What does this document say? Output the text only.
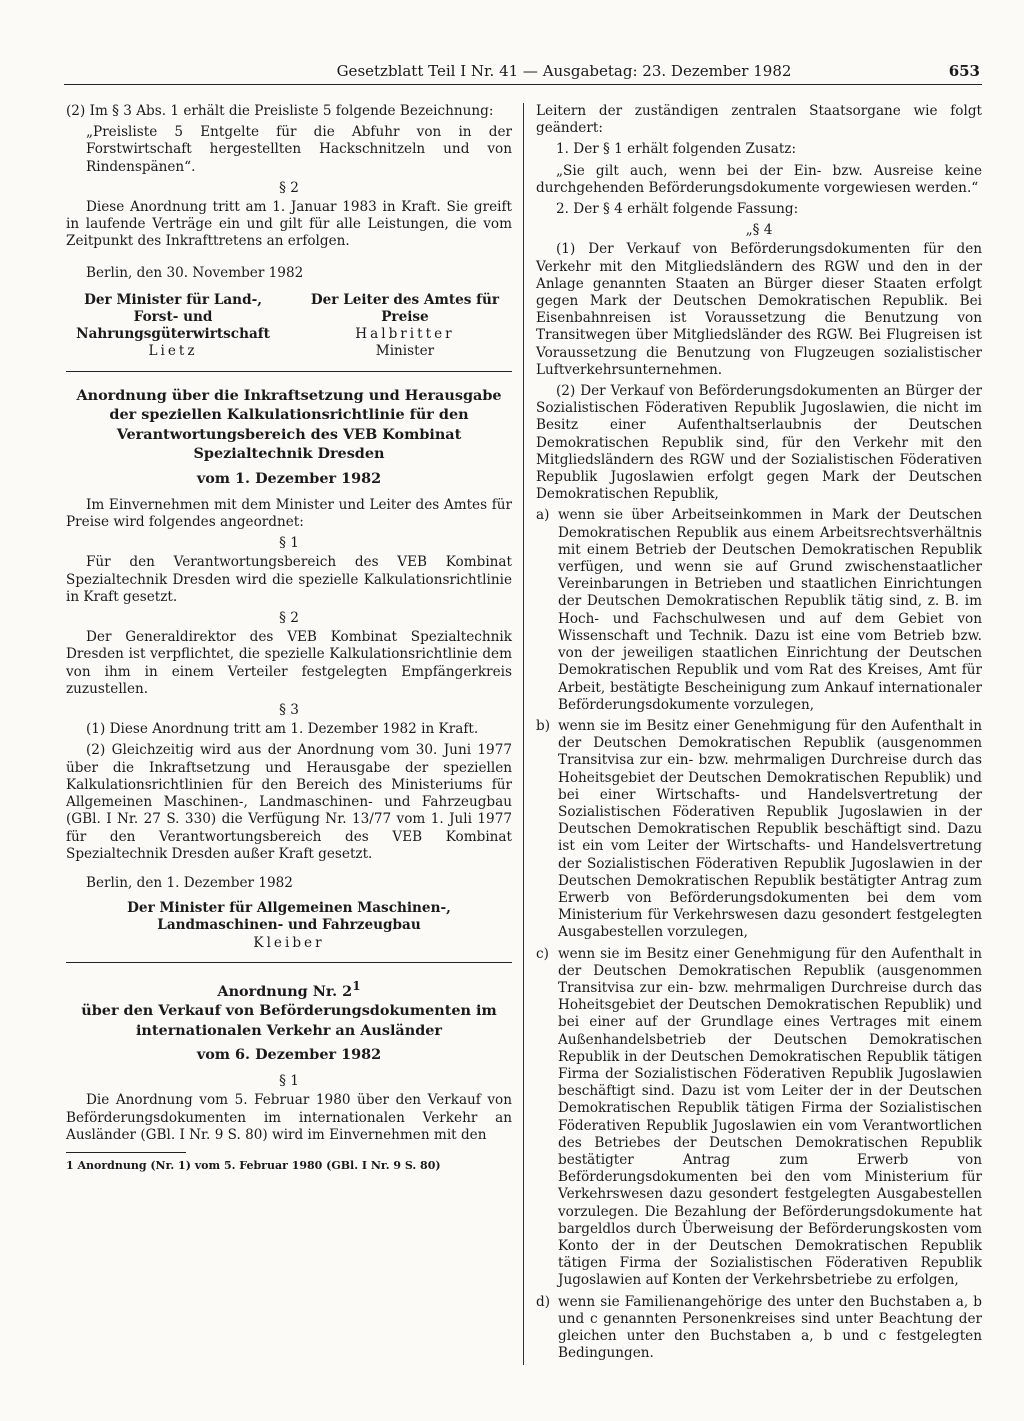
Gesetzblatt Teil I Nr. 41 — Ausgabetag: 23. Dezember 1982	653

(2) Im § 3 Abs. 1 erhält die Preisliste 5 folgende Bezeichnung:

„Preisliste 5 Entgelte für die Abfuhr von in der Forstwirtschaft hergestellten Hackschnitzeln und von Rindenspänen“.

§ 2

Diese Anordnung tritt am 1. Januar 1983 in Kraft. Sie greift in laufende Verträge ein und gilt für alle Leistungen, die vom Zeitpunkt des Inkrafttretens an erfolgen.

Berlin, den 30. November 1982

Der Minister für Land-, Forst- und Nahrungsgüterwirtschaft
Lietz
Der Leiter des Amtes für Preise
Halbritter
Minister
Anordnung über die Inkraftsetzung und Herausgabe der speziellen Kalkulationsrichtlinie für den Verantwortungsbereich des VEB Kombinat Spezialtechnik Dresden
vom 1. Dezember 1982

Im Einvernehmen mit dem Minister und Leiter des Amtes für Preise wird folgendes angeordnet:

§ 1

Für den Verantwortungsbereich des VEB Kombinat Spezialtechnik Dresden wird die spezielle Kalkulationsrichtlinie in Kraft gesetzt.

§ 2

Der Generaldirektor des VEB Kombinat Spezialtechnik Dresden ist verpflichtet, die spezielle Kalkulationsrichtlinie dem von ihm in einem Verteiler festgelegten Empfängerkreis zuzustellen.

§ 3

(1) Diese Anordnung tritt am 1. Dezember 1982 in Kraft.

(2) Gleichzeitig wird aus der Anordnung vom 30. Juni 1977 über die Inkraftsetzung und Herausgabe der speziellen Kalkulationsrichtlinien für den Bereich des Ministeriums für Allgemeinen Maschinen-, Landmaschinen- und Fahrzeugbau (GBl. I Nr. 27 S. 330) die Verfügung Nr. 13/77 vom 1. Juli 1977 für den Verantwortungsbereich des VEB Kombinat Spezialtechnik Dresden außer Kraft gesetzt.

Berlin, den 1. Dezember 1982

Der Minister für Allgemeinen Maschinen-, Landmaschinen- und Fahrzeugbau
Kleiber
Anordnung Nr. $2^1$
über den Verkauf von Beförderungsdokumenten im internationalen Verkehr an Ausländer
vom 6. Dezember 1982
§ 1

Die Anordnung vom 5. Februar 1980 über den Verkauf von Beförderungsdokumenten im internationalen Verkehr an Ausländer (GBl. I Nr. 9 S. 80) wird im Einvernehmen mit den

1 Anordnung (Nr. 1) vom 5. Februar 1980 (GBl. I Nr. 9 S. 80)

Leitern der zuständigen zentralen Staatsorgane wie folgt geändert:

1. Der § 1 erhält folgenden Zusatz:

„Sie gilt auch, wenn bei der Ein- bzw. Ausreise keine durchgehenden Beförderungsdokumente vorgewiesen werden.“

2. Der § 4 erhält folgende Fassung:

„§ 4

(1) Der Verkauf von Beförderungsdokumenten für den Verkehr mit den Mitgliedsländern des RGW und den in der Anlage genannten Staaten an Bürger dieser Staaten erfolgt gegen Mark der Deutschen Demokratischen Republik. Bei Eisenbahnreisen ist Voraussetzung die Benutzung von Transitwegen über Mitgliedsländer des RGW. Bei Flugreisen ist Voraussetzung die Benutzung von Flugzeugen sozialistischer Luftverkehrsunternehmen.

(2) Der Verkauf von Beförderungsdokumenten an Bürger der Sozialistischen Föderativen Republik Jugoslawien, die nicht im Besitz einer Aufenthaltserlaubnis der Deutschen Demokratischen Republik sind, für den Verkehr mit den Mitgliedsländern des RGW und der Sozialistischen Föderativen Republik Jugoslawien erfolgt gegen Mark der Deutschen Demokratischen Republik,

a) wenn sie über Arbeitseinkommen in Mark der Deutschen Demokratischen Republik aus einem Arbeitsrechtsverhältnis mit einem Betrieb der Deutschen Demokratischen Republik verfügen, und wenn sie auf Grund zwischenstaatlicher Vereinbarungen in Betrieben und staatlichen Einrichtungen der Deutschen Demokratischen Republik tätig sind, z. B. im Hoch- und Fachschulwesen und auf dem Gebiet von Wissenschaft und Technik. Dazu ist eine vom Betrieb bzw. von der jeweiligen staatlichen Einrichtung der Deutschen Demokratischen Republik und vom Rat des Kreises, Amt für Arbeit, bestätigte Bescheinigung zum Ankauf internationaler Beförderungsdokumente vorzulegen,
b) wenn sie im Besitz einer Genehmigung für den Aufenthalt in der Deutschen Demokratischen Republik (ausgenommen Transitvisa zur ein- bzw. mehrmaligen Durchreise durch das Hoheitsgebiet der Deutschen Demokratischen Republik) und bei einer Wirtschafts- und Handelsvertretung der Sozialistischen Föderativen Republik Jugoslawien in der Deutschen Demokratischen Republik beschäftigt sind. Dazu ist ein vom Leiter der Wirtschafts- und Handelsvertretung der Sozialistischen Föderativen Republik Jugoslawien in der Deutschen Demokratischen Republik bestätigter Antrag zum Erwerb von Beförderungsdokumenten bei dem vom Ministerium für Verkehrswesen dazu gesondert festgelegten Ausgabestellen vorzulegen,
c) wenn sie im Besitz einer Genehmigung für den Aufenthalt in der Deutschen Demokratischen Republik (ausgenommen Transitvisa zur ein- bzw. mehrmaligen Durchreise durch das Hoheitsgebiet der Deutschen Demokratischen Republik) und bei einer auf der Grundlage eines Vertrages mit einem Außenhandelsbetrieb der Deutschen Demokratischen Republik in der Deutschen Demokratischen Republik tätigen Firma der Sozialistischen Föderativen Republik Jugoslawien beschäftigt sind. Dazu ist vom Leiter der in der Deutschen Demokratischen Republik tätigen Firma der Sozialistischen Föderativen Republik Jugoslawien ein vom Verantwortlichen des Betriebes der Deutschen Demokratischen Republik bestätigter Antrag zum Erwerb von Beförderungsdokumenten bei den vom Ministerium für Verkehrswesen dazu gesondert festgelegten Ausgabestellen vorzulegen. Die Bezahlung der Beförderungsdokumente hat bargeldlos durch Überweisung der Beförderungskosten vom Konto der in der Deutschen Demokratischen Republik tätigen Firma der Sozialistischen Föderativen Republik Jugoslawien auf Konten der Verkehrsbetriebe zu erfolgen,
d) wenn sie Familienangehörige des unter den Buchstaben a, b und c genannten Personenkreises sind unter Beachtung der gleichen unter den Buchstaben a, b und c festgelegten Bedingungen.
